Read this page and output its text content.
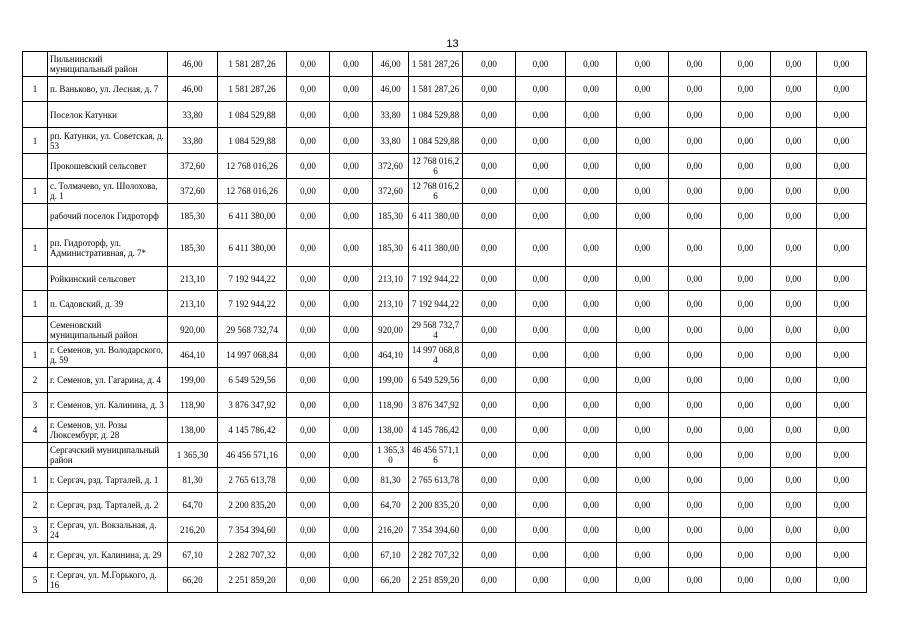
13
	Пильнинский муниципальный район	46,00	1 581 287,26	0,00	0,00	46,00	1 581 287,26	0,00	0,00	0,00	0,00	0,00	0,00	0,00	0,00
1	п. Ваньково, ул. Лесная, д. 7	46,00	1 581 287,26	0,00	0,00	46,00	1 581 287,26	0,00	0,00	0,00	0,00	0,00	0,00	0,00	0,00
	Поселок Катунки	33,80	1 084 529,88	0,00	0,00	33,80	1 084 529,88	0,00	0,00	0,00	0,00	0,00	0,00	0,00	0,00
1	рп. Катунки, ул. Советская, д. 53	33,80	1 084 529,88	0,00	0,00	33,80	1 084 529,88	0,00	0,00	0,00	0,00	0,00	0,00	0,00	0,00
	Прокошевский сельсовет	372,60	12 768 016,26	0,00	0,00	372,60	12 768 016,26	0,00	0,00	0,00	0,00	0,00	0,00	0,00	0,00
1	с. Толмачево, ул. Шолохова, д. 1	372,60	12 768 016,26	0,00	0,00	372,60	12 768 016,26	0,00	0,00	0,00	0,00	0,00	0,00	0,00	0,00
	рабочий поселок Гидроторф	185,30	6 411 380,00	0,00	0,00	185,30	6 411 380,00	0,00	0,00	0,00	0,00	0,00	0,00	0,00	0,00
1	рп. Гидроторф, ул. Административная, д. 7*	185,30	6 411 380,00	0,00	0,00	185,30	6 411 380,00	0,00	0,00	0,00	0,00	0,00	0,00	0,00	0,00
	Ройкинский сельсовет	213,10	7 192 944,22	0,00	0,00	213,10	7 192 944,22	0,00	0,00	0,00	0,00	0,00	0,00	0,00	0,00
1	п. Садовский, д. 39	213,10	7 192 944,22	0,00	0,00	213,10	7 192 944,22	0,00	0,00	0,00	0,00	0,00	0,00	0,00	0,00
	Семеновский муниципальный район	920,00	29 568 732,74	0,00	0,00	920,00	29 568 732,74	0,00	0,00	0,00	0,00	0,00	0,00	0,00	0,00
1	г. Семенов, ул. Володарского, д. 59	464,10	14 997 068,84	0,00	0,00	464,10	14 997 068,84	0,00	0,00	0,00	0,00	0,00	0,00	0,00	0,00
2	г. Семенов, ул. Гагарина, д. 4	199,00	6 549 529,56	0,00	0,00	199,00	6 549 529,56	0,00	0,00	0,00	0,00	0,00	0,00	0,00	0,00
3	г. Семенов, ул. Калинина, д. 3	118,90	3 876 347,92	0,00	0,00	118,90	3 876 347,92	0,00	0,00	0,00	0,00	0,00	0,00	0,00	0,00
4	г. Семенов, ул. Розы Люксембург, д. 28	138,00	4 145 786,42	0,00	0,00	138,00	4 145 786,42	0,00	0,00	0,00	0,00	0,00	0,00	0,00	0,00
	Сергачский муниципальный район	1 365,30	46 456 571,16	0,00	0,00	1 365,30	46 456 571,16	0,00	0,00	0,00	0,00	0,00	0,00	0,00	0,00
1	г. Сергач, рзд. Тарталей, д. 1	81,30	2 765 613,78	0,00	0,00	81,30	2 765 613,78	0,00	0,00	0,00	0,00	0,00	0,00	0,00	0,00
2	г. Сергач, рзд. Тарталей, д. 2	64,70	2 200 835,20	0,00	0,00	64,70	2 200 835,20	0,00	0,00	0,00	0,00	0,00	0,00	0,00	0,00
3	г. Сергач, ул. Вокзальная, д. 24	216,20	7 354 394,60	0,00	0,00	216,20	7 354 394,60	0,00	0,00	0,00	0,00	0,00	0,00	0,00	0,00
4	г. Сергач, ул. Калинина, д. 29	67,10	2 282 707,32	0,00	0,00	67,10	2 282 707,32	0,00	0,00	0,00	0,00	0,00	0,00	0,00	0,00
5	г. Сергач, ул. М.Горького, д. 16	66,20	2 251 859,20	0,00	0,00	66,20	2 251 859,20	0,00	0,00	0,00	0,00	0,00	0,00	0,00	0,00
